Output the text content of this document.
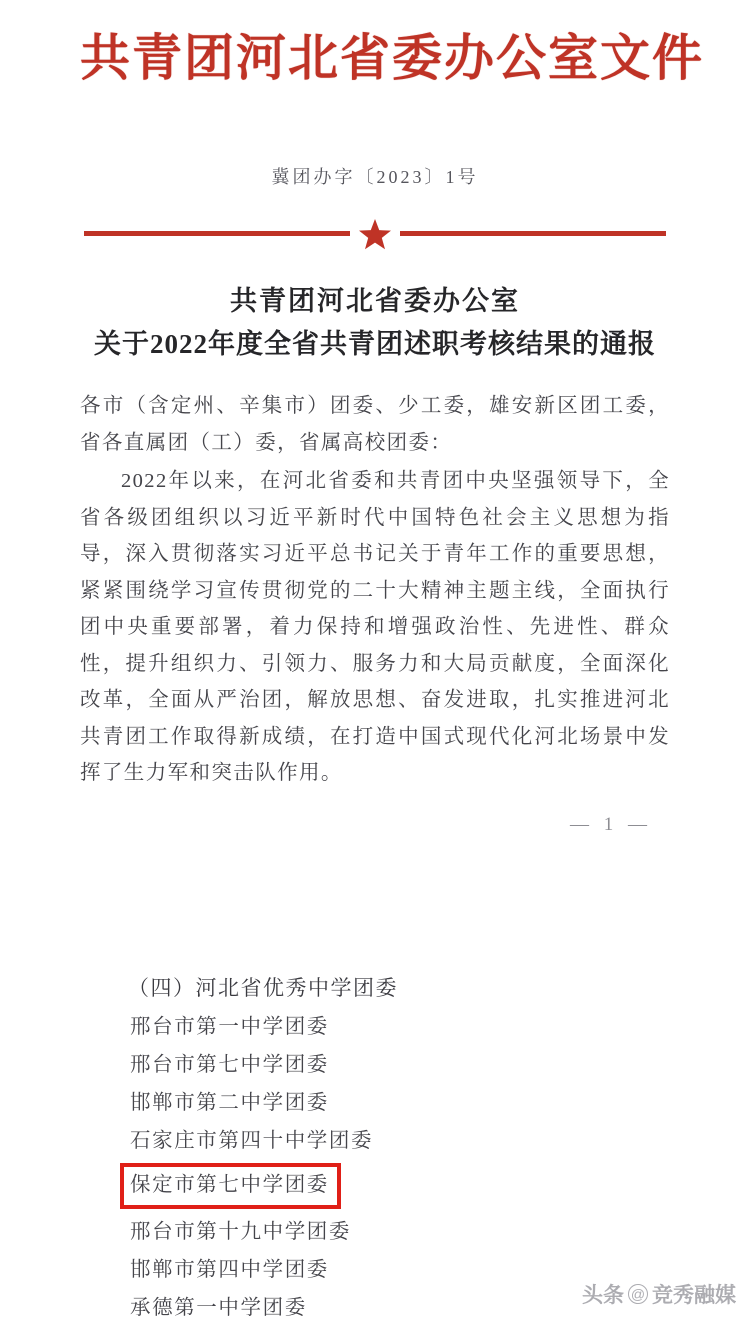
共青团河北省委办公室文件
冀团办字〔2023〕1号
共青团河北省委办公室
关于2022年度全省共青团述职考核结果的通报

各市（含定州、辛集市）团委、少工委，雄安新区团工委，省各直属团（工）委，省属高校团委：

2022年以来，在河北省委和共青团中央坚强领导下，全省各级团组织以习近平新时代中国特色社会主义思想为指导，深入贯彻落实习近平总书记关于青年工作的重要思想，紧紧围绕学习宣传贯彻党的二十大精神主题主线，全面执行团中央重要部署，着力保持和增强政治性、先进性、群众性，提升组织力、引领力、服务力和大局贡献度，全面深化改革，全面从严治团，解放思想、奋发进取，扎实推进河北共青团工作取得新成绩，在打造中国式现代化河北场景中发挥了生力军和突击队作用。

— 1 —
（四）河北省优秀中学团委
邢台市第一中学团委
邢台市第七中学团委
邯郸市第二中学团委
石家庄市第四十中学团委
保定市第七中学团委
邢台市第十九中学团委
邯郸市第四中学团委
承德第一中学团委
头条 @ 竞秀融媒
